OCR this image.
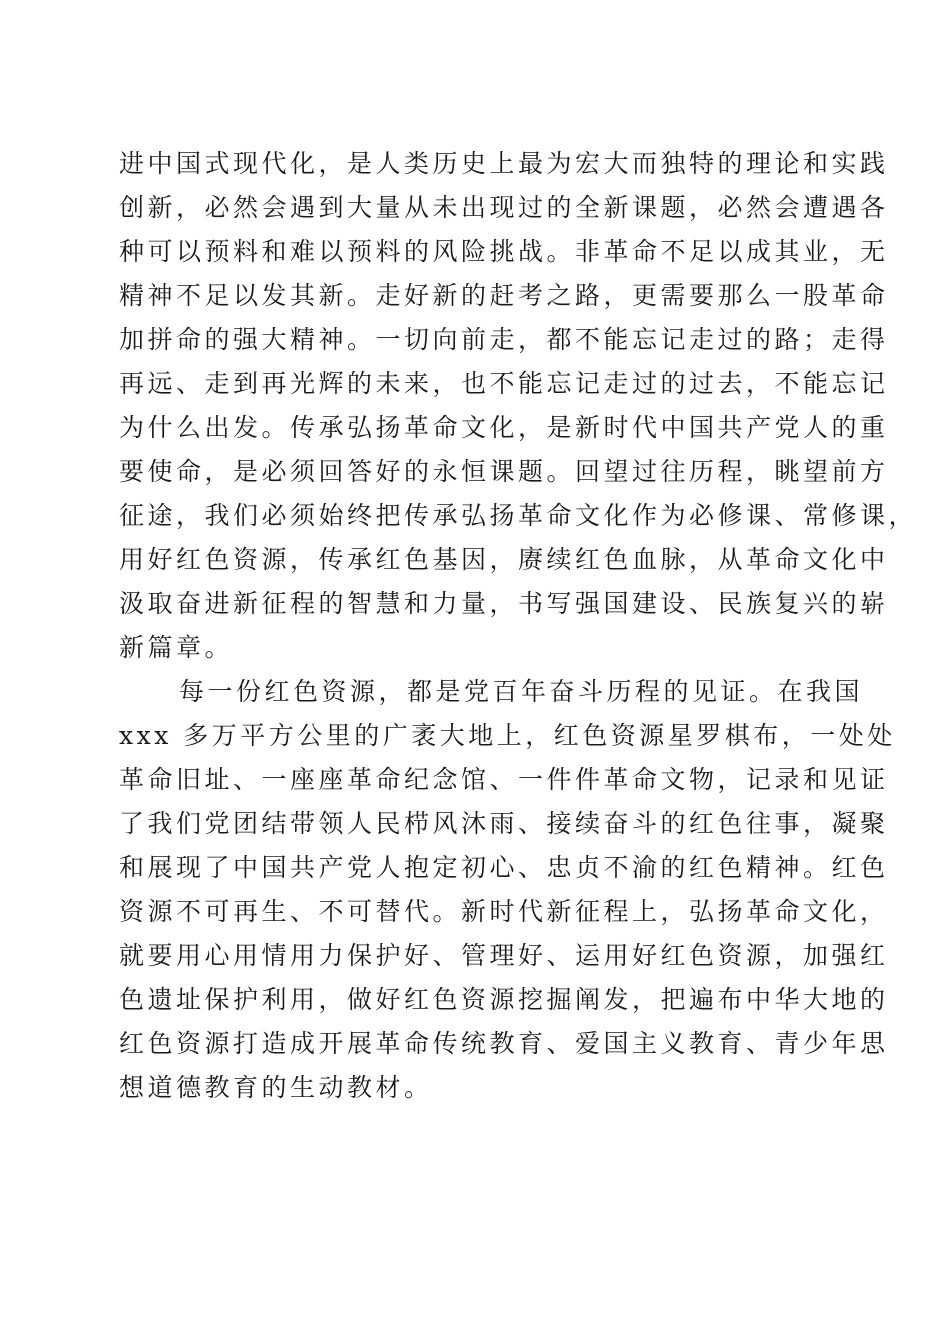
进中国式现代化，是人类历史上最为宏大而独特的理论和实践
创新，必然会遇到大量从未出现过的全新课题，必然会遭遇各
种可以预料和难以预料的风险挑战。非革命不足以成其业，无
精神不足以发其新。走好新的赶考之路，更需要那么一股革命
加拼命的强大精神。一切向前走，都不能忘记走过的路；走得
再远、走到再光辉的未来，也不能忘记走过的过去，不能忘记
为什么出发。传承弘扬革命文化，是新时代中国共产党人的重
要使命，是必须回答好的永恒课题。回望过往历程，眺望前方
征途，我们必须始终把传承弘扬革命文化作为必修课、常修课，
用好红色资源，传承红色基因，赓续红色血脉，从革命文化中
汲取奋进新征程的智慧和力量，书写强国建设、民族复兴的崭
新篇章。
每一份红色资源，都是党百年奋斗历程的见证。在我国
xxx 多万平方公里的广袤大地上，红色资源星罗棋布，一处处
革命旧址、一座座革命纪念馆、一件件革命文物，记录和见证
了我们党团结带领人民栉风沐雨、接续奋斗的红色往事，凝聚
和展现了中国共产党人抱定初心、忠贞不渝的红色精神。红色
资源不可再生、不可替代。新时代新征程上，弘扬革命文化，
就要用心用情用力保护好、管理好、运用好红色资源，加强红
色遗址保护利用，做好红色资源挖掘阐发，把遍布中华大地的
红色资源打造成开展革命传统教育、爱国主义教育、青少年思
想道德教育的生动教材。
